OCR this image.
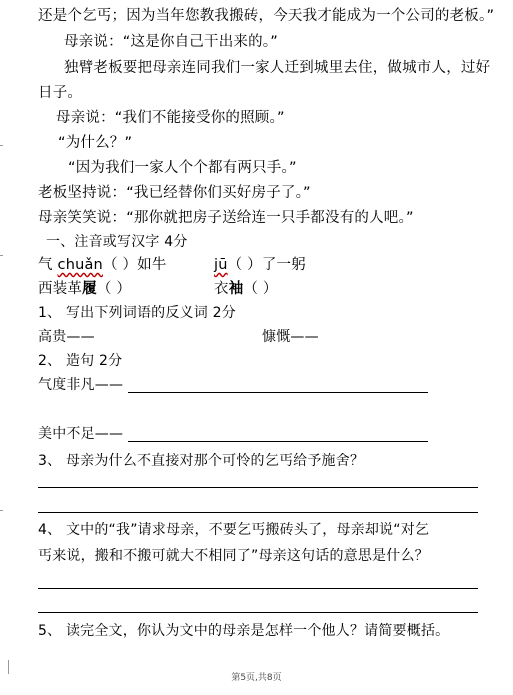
还是个乞丐；因为当年您教我搬砖，今天我才能成为一个公司的老板。”
母亲说：“这是你自己干出来的。”
独臂老板要把母亲连同我们一家人迁到城里去住，做城市人，过好
日子。
母亲说：“我们不能接受你的照顾。”
“为什么？”
“因为我们一家人个个都有两只手。”
老板坚持说：“我已经替你们买好房子了。”
母亲笑笑说：“那你就把房子送给连一只手都没有的人吧。”
一、注音或写汉字 4分
气 chuǎn（ ）如牛	jū（ ）了一躬
西装革履（ ）	衣袖（ ）
1、 写出下列词语的反义词 2分
高贵——	慷慨——
2、 造句 2分
气度非凡——
美中不足——
3、 母亲为什么不直接对那个可怜的乞丐给予施舍？
4、 文中的“我”请求母亲，不要乞丐搬砖头了，母亲却说“对乞
丐来说，搬和不搬可就大不相同了”母亲这句话的意思是什么？
5、 读完全文，你认为文中的母亲是怎样一个他人？请简要概括。
第5页,共8页
